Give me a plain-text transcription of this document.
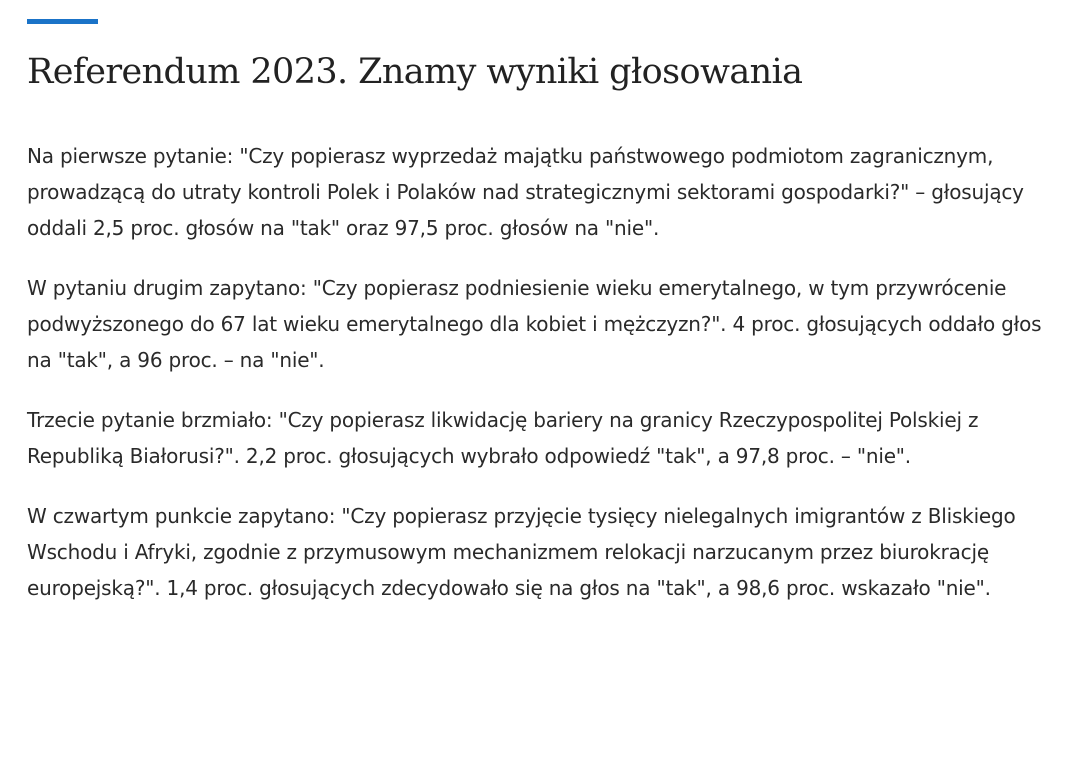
Referendum 2023. Znamy wyniki głosowania

Na pierwsze pytanie: "Czy popierasz wyprzedaż majątku państwowego podmiotom zagranicznym, prowadzącą do utraty kontroli Polek i Polaków nad strategicznymi sektorami gospodarki?" – głosujący oddali 2,5 proc. głosów na "tak" oraz 97,5 proc. głosów na "nie".

W pytaniu drugim zapytano: "Czy popierasz podniesienie wieku emerytalnego, w tym przywrócenie podwyższonego do 67 lat wieku emerytalnego dla kobiet i mężczyzn?". 4 proc. głosujących oddało głos na "tak", a 96 proc. – na "nie".

Trzecie pytanie brzmiało: "Czy popierasz likwidację bariery na granicy Rzeczypospolitej Polskiej z Republiką Białorusi?". 2,2 proc. głosujących wybrało odpowiedź "tak", a 97,8 proc. – "nie".

W czwartym punkcie zapytano: "Czy popierasz przyjęcie tysięcy nielegalnych imigrantów z Bliskiego Wschodu i Afryki, zgodnie z przymusowym mechanizmem relokacji narzucanym przez biurokrację europejską?". 1,4 proc. głosujących zdecydowało się na głos na "tak", a 98,6 proc. wskazało "nie".
